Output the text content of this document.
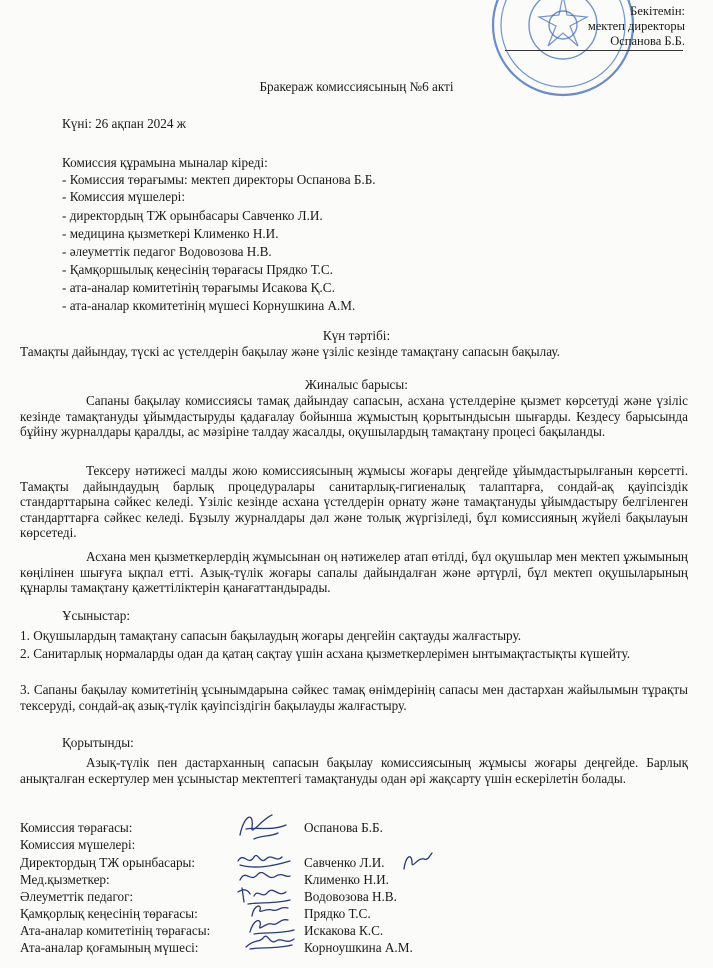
Бекітемін:
мектеп директоры
Оспанова Б.Б.
Бракераж комиссиясының №6 акті
Күні: 26 ақпан 2024 ж
Комиссия құрамына мыналар кіреді:
- Комиссия төрағымы: мектеп директоры Оспанова Б.Б.
- Комиссия мүшелері:
- директордың ТЖ орынбасары Савченко Л.И.
- медицина қызметкері Клименко Н.И.
- әлеуметтік педагог Водовозова Н.В.
- Қамқоршылық кеңесінің төрағасы Прядко Т.С.
- ата-аналар комитетінің төрағымы Исакова Қ.С.
- ата-аналар ккомитетінің мүшесі Корнушкина А.М.
Күн тәртібі:
Тамақты дайындау, түскі ас үстелдерін бақылау және үзіліс кезінде тамақтану сапасын бақылау.
Жиналыс барысы:
Сапаны бақылау комиссиясы тамақ дайындау сапасын, асхана үстелдеріне қызмет көрсетуді және үзіліс кезінде тамақтануды ұйымдастыруды қадағалау бойынша жұмыстың қорытындысын шығарды. Кездесу барысында бұйіну журналдары қаралды, ас мәзіріне талдау жасалды, оқушылардың тамақтану процесі бақыланды.
Тексеру нәтижесі малды жою комиссиясының жұмысы жоғары деңгейде ұйымдастырылғанын көрсетті. Тамақты дайындаудың барлық процедуралары санитарлық-гигиеналық талаптарға, сондай-ақ қауіпсіздік стандарттарына сәйкес келеді. Үзіліс кезінде асхана үстелдерін орнату және тамақтануды ұйымдастыру белгіленген стандарттарға сәйкес келеді. Бұзылу журналдары дәл және толық жүргізіледі, бұл комиссияның жүйелі бақылауын көрсетеді.
Асхана мен қызметкерлердің жұмысынан оң нәтижелер атап өтілді, бұл оқушылар мен мектеп ұжымының көңілінен шығуға ықпал етті. Азық-түлік жоғары сапалы дайындалған және әртүрлі, бұл мектеп оқушыларының құнарлы тамақтану қажеттіліктерін қанағаттандырады.
Ұсыныстар:
1. Оқушылардың тамақтану сапасын бақылаудың жоғары деңгейін сақтауды жалғастыру.
2. Санитарлық нормаларды одан да қатаң сақтау үшін асхана қызметкерлерімен ынтымақтастықты күшейту.
3. Сапаны бақылау комитетінің ұсынымдарына сәйкес тамақ өнімдерінің сапасы мен дастархан жайылымын тұрақты тексеруді, сондай-ақ азық-түлік қауіпсіздігін бақылауды жалғастыру.
Қорытынды:
Азық-түлік пен дастарханның сапасын бақылау комиссиясының жұмысы жоғары деңгейде. Барлық анықталған ескертулер мен ұсыныстар мектептегі тамақтануды одан әрі жақсарту үшін ескерілетін болады.
Комиссия төрағасы:	Оспанова Б.Б.
Комиссия мүшелері:
Директордың ТЖ орынбасары:	Савченко Л.И.
Мед.қызметкер:	Клименко Н.И.
Әлеуметтік педагог:	Водовозова Н.В.
Қамқорлық кеңесінің төрағасы:	Прядко Т.С.
Ата-аналар комитетінің төрағасы:	Искакова К.С.
Ата-аналар қоғамының мүшесі:	Корноушкина А.М.
